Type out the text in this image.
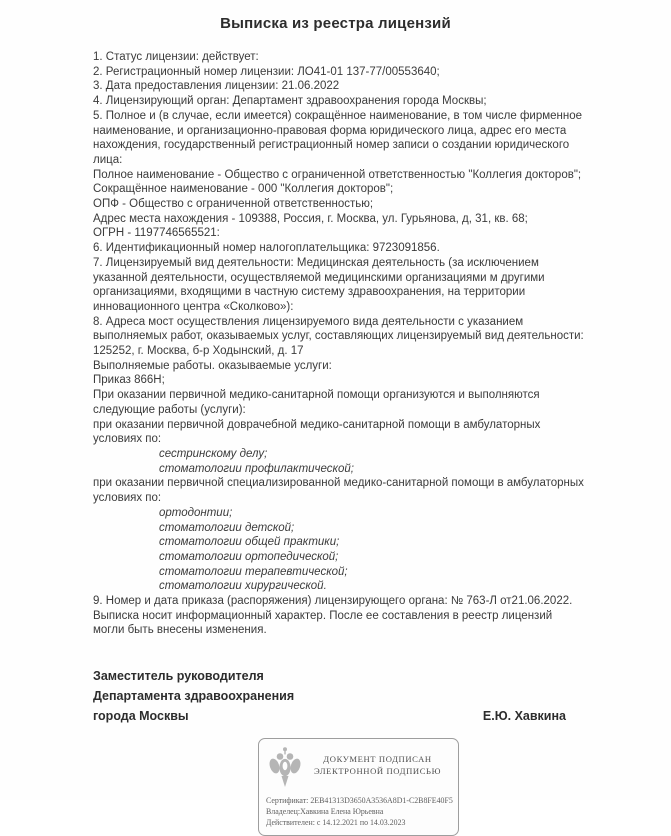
Выписка из реестра лицензий
1. Статус лицензии: действует:
2. Регистрационный номер лицензии: ЛО41-01 137-77/00553640;
3. Дата предоставления лицензии: 21.06.2022
4. Лицензирующий орган: Департамент здравоохранения города Москвы;
5. Полное и (в случае, если имеется) сокращённое наименование, в том числе фирменное наименование, и организационно-правовая форма юридического лица, адрес его места нахождения, государственный регистрационный номер записи о создании юридического лица:
Полное наименование - Общество с ограниченной ответственностью "Коллегия докторов";
Сокращённое наименование - 000 "Коллегия докторов";
ОПФ - Общество с ограниченной ответственностью;
Адрес места нахождения - 109388, Россия, г. Москва, ул. Гурьянова, д, 31, кв. 68;
ОГРН - 1197746565521:
6. Идентификационный номер налогоплательщика: 9723091856.
7. Лицензируемый вид деятельности: Медицинская деятельность (за исключением указанной деятельности, осуществляемой медицинскими организациями м другими организациями, входящими в частную систему здравоохранения, на территории инновационного центра «Сколково»):
8. Адреса мост осуществления лицензируемого вида деятельности с указанием выполняемых работ, оказываемых услуг, составляющих лицензируемый вид деятельности:
125252, г. Москва, б-р Ходынский, д. 17
Выполняемые работы. оказываемые услуги:
Приказ 866Н;
При оказании первичной медико-санитарной помощи организуются и выполняются следующие работы (услуги):
при оказании первичной доврачебной медико-санитарной помощи в амбулаторных условиях по:
сестринскому делу;
стоматологии профилактической;
при оказании первичной специализированной медико-санитарной помощи в амбулаторных условиях по:
ортодонтии;
стоматологии детской;
стоматологии общей практики;
стоматологии ортопедической;
стоматологии терапевтической;
стоматологии хирургической.
9. Номер и дата приказа (распоряжения) лицензирующего органа: № 763-Л от21.06.2022.
Выписка носит информационный характер. После ее составления в реестр лицензий могли быть внесены изменения.
Заместитель руководителя
Департамента здравоохранения
города Москвы	Е.Ю. Хавкина
ДОКУМЕНТ ПОДПИСАН
ЭЛЕКТРОННОЙ ПОДПИСЬЮ
Сертификат: 2EB41313D3650A3536A8D1-C2B8FE40F5
Владелец:Хавкина Елена Юрьевна
Действителен: с 14.12.2021 по 14.03.2023
